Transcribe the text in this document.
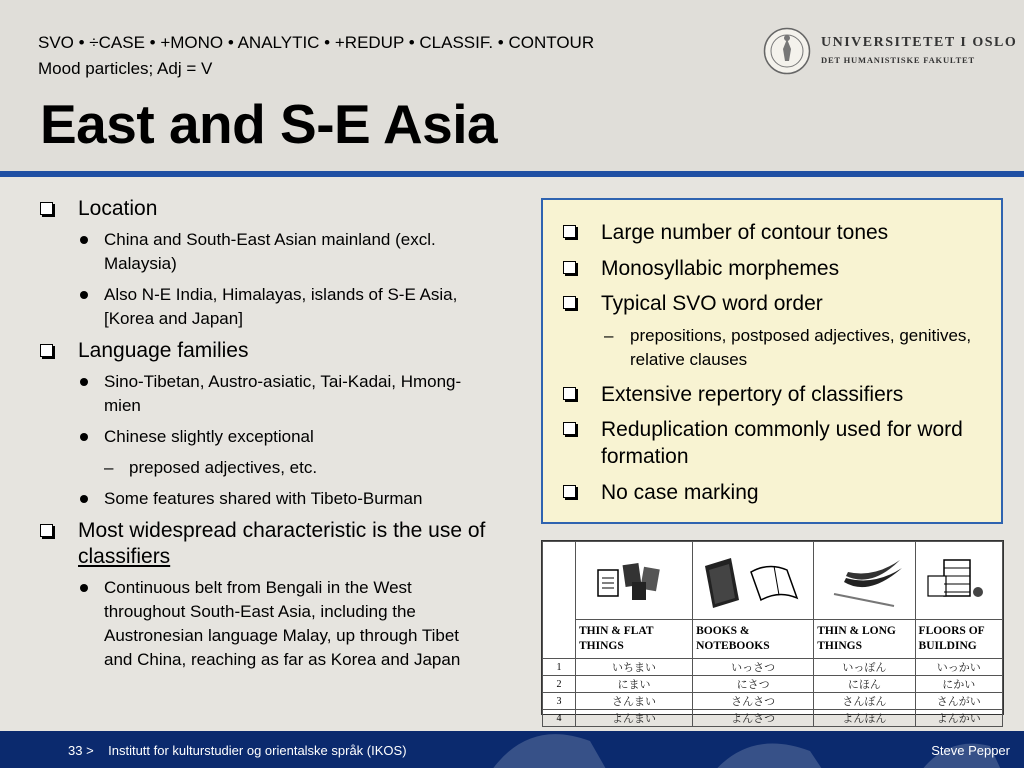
SVO • ÷CASE • +MONO • ANALYTIC • +REDUP • CLASSIF. • CONTOUR
Mood particles; Adj = V
East and S-E Asia
UNIVERSITETET I OSLO
DET HUMANISTISKE FAKULTET
Location
China and South-East Asian mainland (excl. Malaysia)
Also N-E India, Himalayas, islands of S-E Asia, [Korea and Japan]
Language families
Sino-Tibetan, Austro-asiatic, Tai-Kadai, Hmong-mien
Chinese slightly exceptional
– preposed adjectives, etc.
Some features shared with Tibeto-Burman
Most widespread characteristic is the use of classifiers
Continuous belt from Bengali in the West throughout South-East Asia, including the Austronesian language Malay, up through Tibet and China, reaching as far as Korea and Japan
Large number of contour tones
Monosyllabic morphemes
Typical SVO word order
– prepositions, postposed adjectives, genitives, relative clauses
Extensive repertory of classifiers
Reduplication commonly used for word formation
No case marking

	THIN & FLAT THINGS	BOOKS & NOTEBOOKS	THIN & LONG THINGS	FLOORS OF BUILDING
1	いちまい	いっさつ	いっぽん	いっかい
2	にまい	にさつ	にほん	にかい
3	さんまい	さんさつ	さんぼん	さんがい
4	よんまい	よんさつ	よんほん	よんかい
33 > Institutt for kulturstudier og orientalske språk (IKOS)	Steve Pepper
